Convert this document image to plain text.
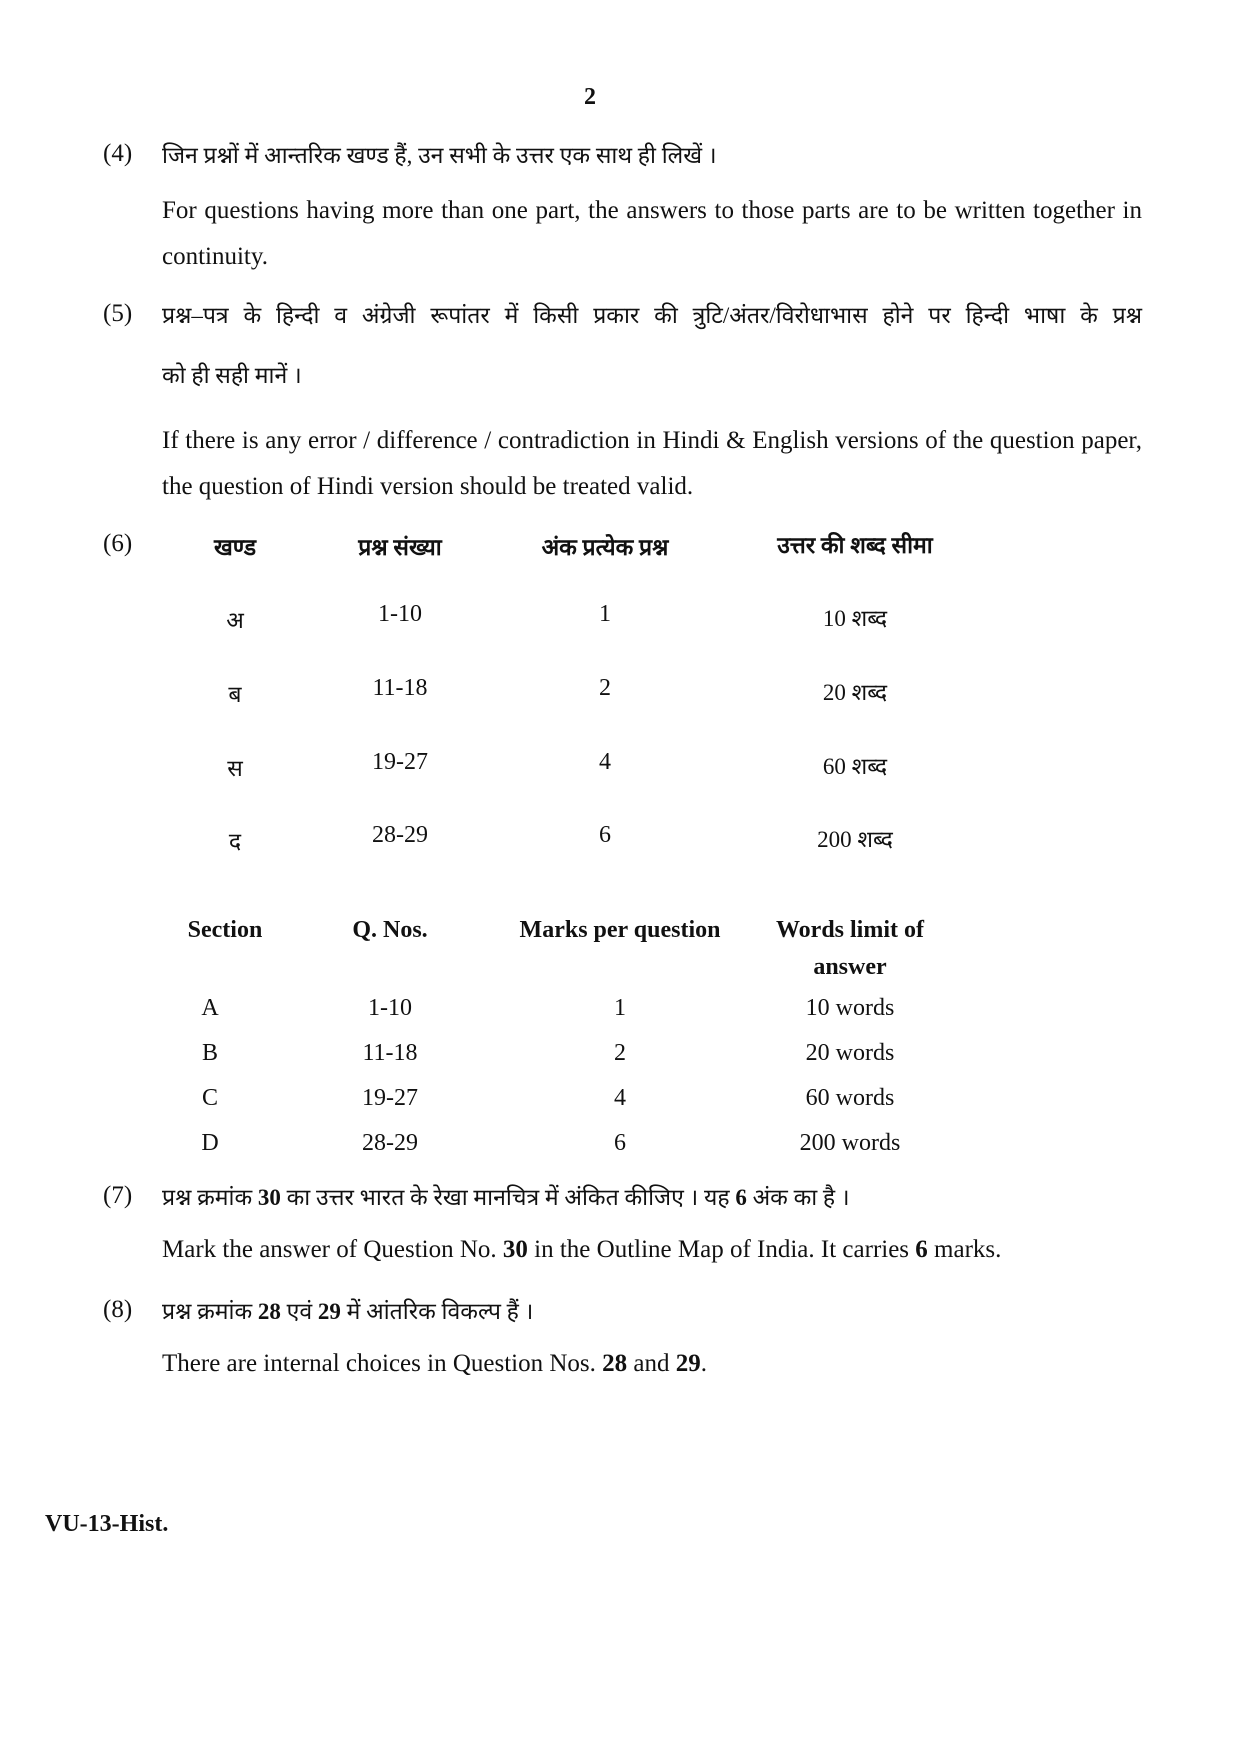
2
(4) जिन प्रश्नों में आन्तरिक खण्ड हैं, उन सभी के उत्तर एक साथ ही लिखें ।
For questions having more than one part, the answers to those parts are to be written together in continuity.
(5) प्रश्न–पत्र के हिन्दी व अंग्रेजी रूपांतर में किसी प्रकार की त्रुटि/अंतर/विरोधाभास होने पर हिन्दी भाषा के प्रश्न
को ही सही मानें ।
If there is any error / difference / contradiction in Hindi & English versions of the question paper, the question of Hindi version should be treated valid.
(6)	खण्ड	प्रश्न संख्या	अंक प्रत्येक प्रश्न	उत्तर की शब्द सीमा
अ	1-10	1	10 शब्द
ब	11-18	2	20 शब्द
स	19-27	4	60 शब्द
द	28-29	6	200 शब्द
Section	Q. Nos.	Marks per question	Words limit of
answer
A	1-10	1	10 words
B	11-18	2	20 words
C	19-27	4	60 words
D	28-29	6	200 words
(7) प्रश्न क्रमांक 30 का उत्तर भारत के रेखा मानचित्र में अंकित कीजिए । यह 6 अंक का है ।
Mark the answer of Question No. 30 in the Outline Map of India. It carries 6 marks.
(8) प्रश्न क्रमांक 28 एवं 29 में आंतरिक विकल्प हैं ।
There are internal choices in Question Nos. 28 and 29.
VU-13-Hist.
